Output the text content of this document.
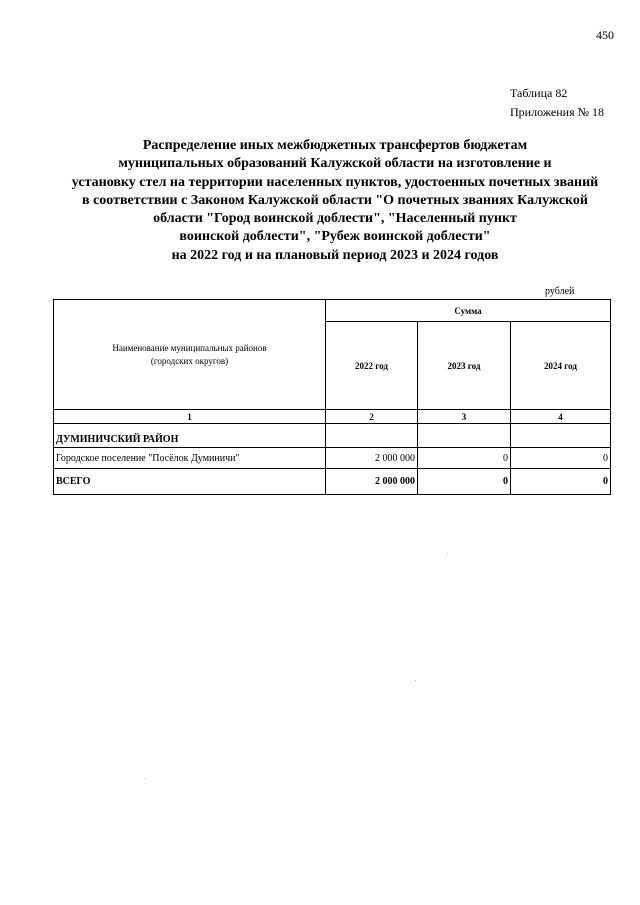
450
Таблица 82
Приложения № 18
Распределение иных межбюджетных трансфертов бюджетам
муниципальных образований Калужской области на изготовление и
установку стел на территории населенных пунктов, удостоенных почетных званий
в соответствии с Законом Калужской области "О почетных званиях Калужской
области "Город воинской доблести", "Населенный пункт
воинской доблести", "Рубеж воинской доблести"
на 2022 год и на плановый период 2023 и 2024 годов
рублей
Наименование муниципальных районов
(городских округов)	Сумма		
	2022 год	2023 год	2024 год
1	2	3	4
ДУМИНИЧСКИЙ РАЙОН			
Городское поселение "Посёлок Думиничи"	2 000 000	0	0
ВСЕГО	2 000 000	0	0
